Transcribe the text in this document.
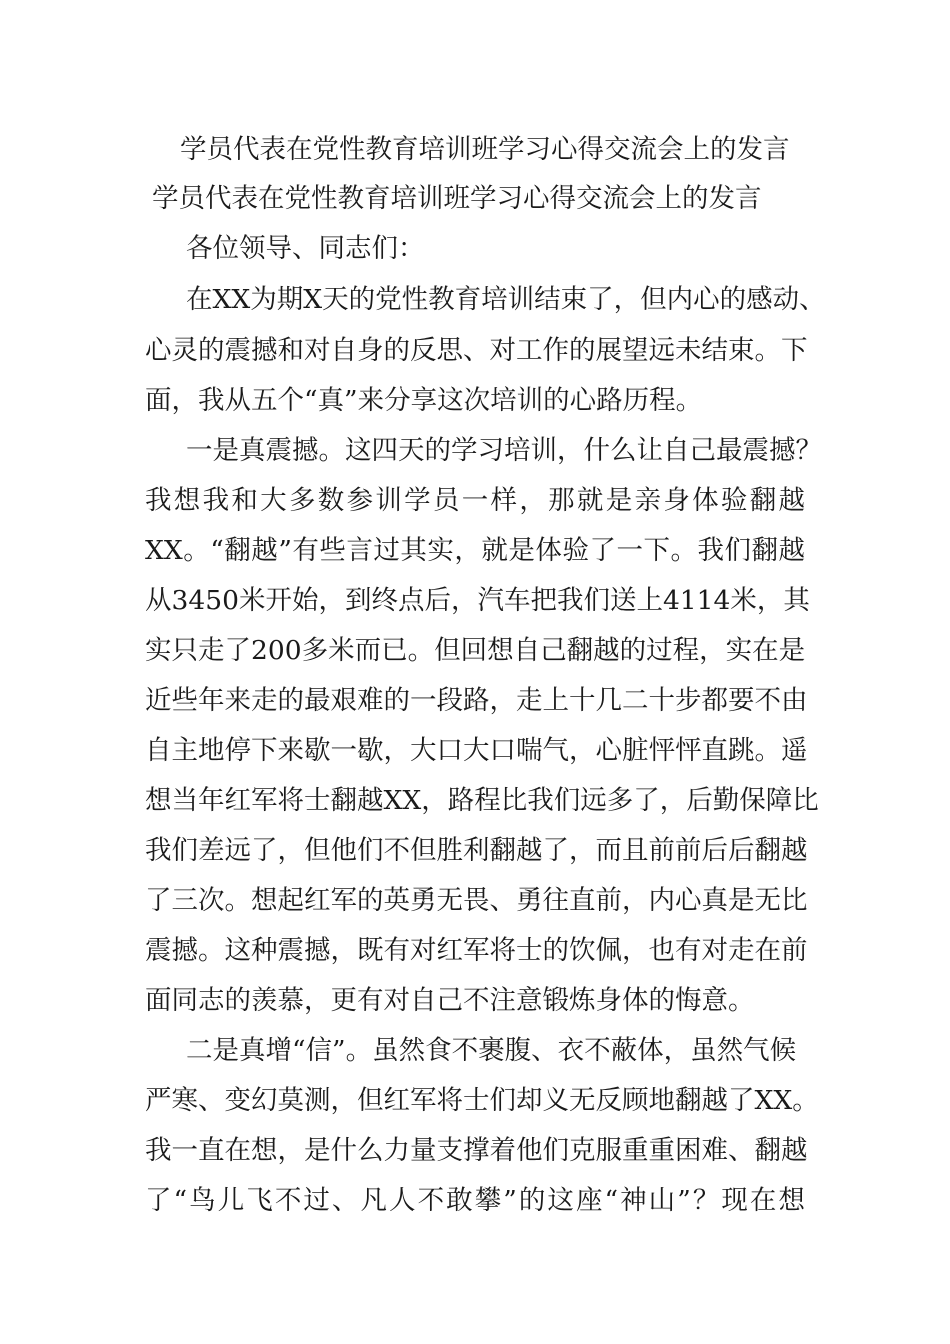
学员代表在党性教育培训班学习心得交流会上的发言
学员代表在党性教育培训班学习心得交流会上的发言
各位领导、同志们：
在XX为期X天的党性教育培训结束了，但内心的感动、
心灵的震撼和对自身的反思、对工作的展望远未结束。下
面，我从五个“真”来分享这次培训的心路历程。
一是真震撼。这四天的学习培训，什么让自己最震撼？
我想我和大多数参训学员一样，那就是亲身体验翻越
XX。“翻越”有些言过其实，就是体验了一下。我们翻越
从3450米开始，到终点后，汽车把我们送上4114米，其
实只走了200多米而已。但回想自己翻越的过程，实在是
近些年来走的最艰难的一段路，走上十几二十步都要不由
自主地停下来歇一歇，大口大口喘气，心脏怦怦直跳。遥
想当年红军将士翻越XX，路程比我们远多了，后勤保障比
我们差远了，但他们不但胜利翻越了，而且前前后后翻越
了三次。想起红军的英勇无畏、勇往直前，内心真是无比
震撼。这种震撼，既有对红军将士的饮佩，也有对走在前
面同志的羡慕，更有对自己不注意锻炼身体的悔意。
二是真增“信”。虽然食不裹腹、衣不蔽体，虽然气候
严寒、变幻莫测，但红军将士们却义无反顾地翻越了XX。
我一直在想，是什么力量支撑着他们克服重重困难、翻越
了“鸟儿飞不过、凡人不敢攀”的这座“神山”？现在想
